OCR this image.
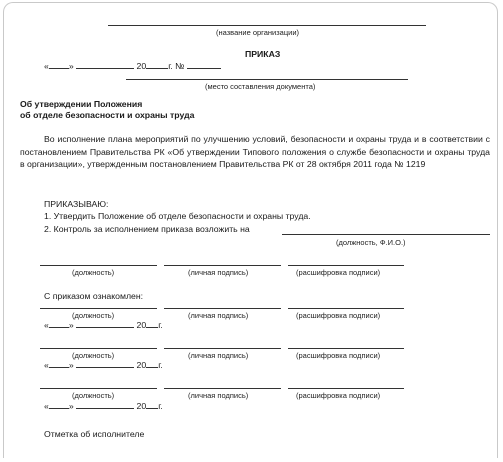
(название организации)
ПРИКАЗ
« »	20	г. №
(место составления документа)
Об утверждении Положения
об отделе безопасности и охраны труда
Во исполнение плана мероприятий по улучшению условий, безопасности и охраны труда и в соответствии с постановлением Правительства РК «Об утверждении Типового положения о службе безопасности и охраны труда в организации», утвержденным постановлением Правительства РК от 28 октября 2011 года № 1219
ПРИКАЗЫВАЮ:
1. Утвердить Положение об отделе безопасности и охраны труда.
2. Контроль за исполнением приказа возложить на
(должность, Ф.И.О.)
(должность)	(личная подпись)	(расшифровка подписи)
С приказом ознакомлен:
(должность)	(личная подпись)	(расшифровка подписи)
« »	20 г.
(должность)	(личная подпись)	(расшифровка подписи)
« »	20 г.
(должность)	(личная подпись)	(расшифровка подписи)
« »	20 г.
Отметка об исполнителе
